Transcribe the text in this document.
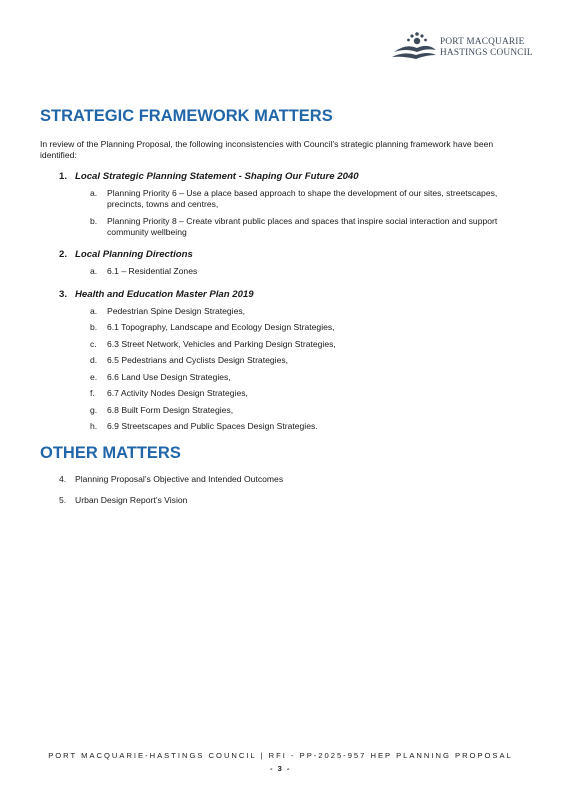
PORT MACQUARIE
HASTINGS COUNCIL
STRATEGIC FRAMEWORK MATTERS

In review of the Planning Proposal, the following inconsistencies with Council’s strategic planning framework have been identified:

1. Local Strategic Planning Statement - Shaping Our Future 2040
a. Planning Priority 6 – Use a place based approach to shape the development of our sites, streetscapes, precincts, towns and centres,
b. Planning Priority 8 – Create vibrant public places and spaces that inspire social interaction and support community wellbeing
2. Local Planning Directions
a. 6.1 – Residential Zones
3. Health and Education Master Plan 2019
a. Pedestrian Spine Design Strategies,
b. 6.1 Topography, Landscape and Ecology Design Strategies,
c. 6.3 Street Network, Vehicles and Parking Design Strategies,
d. 6.5 Pedestrians and Cyclists Design Strategies,
e. 6.6 Land Use Design Strategies,
f. 6.7 Activity Nodes Design Strategies,
g. 6.8 Built Form Design Strategies,
h. 6.9 Streetscapes and Public Spaces Design Strategies.
OTHER MATTERS
4. Planning Proposal’s Objective and Intended Outcomes
5. Urban Design Report’s Vision
PORT MACQUARIE-HASTINGS COUNCIL | RFI - PP-2025-957 HEP PLANNING PROPOSAL
- 3 -
